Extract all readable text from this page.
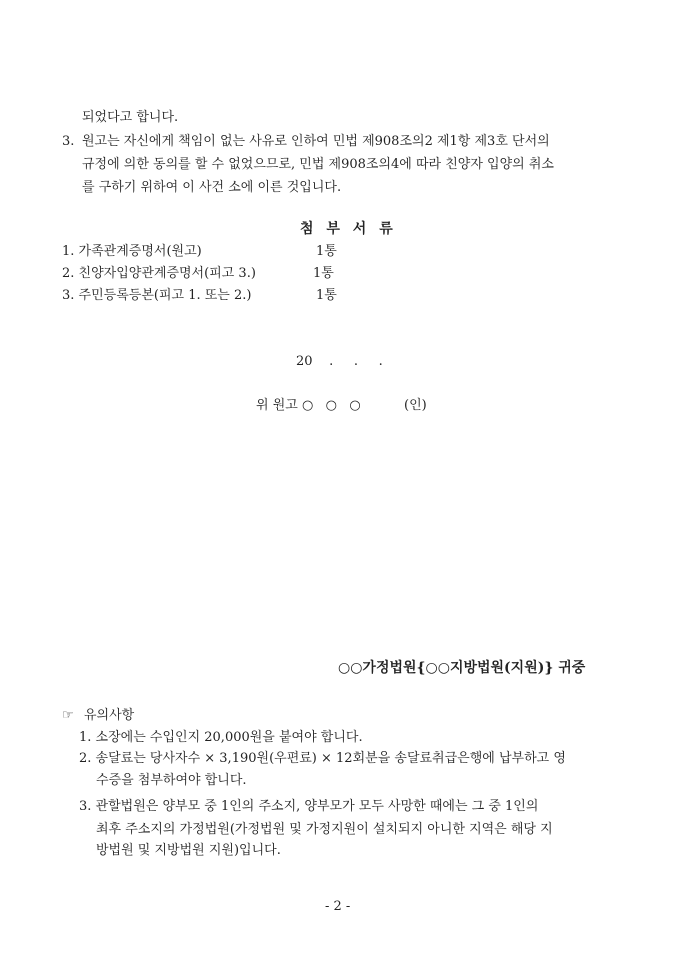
되었다고 합니다.
3. 원고는 자신에게 책임이 없는 사유로 인하여 민법 제908조의2 제1항 제3호 단서의
규정에 의한 동의를 할 수 없었으므로, 민법 제908조의4에 따라 친양자 입양의 취소
를 구하기 위하여 이 사건 소에 이른 것입니다.
첨 부 서 류
1. 가족관계증명서(원고)	1통
2. 친양자입양관계증명서(피고 3.)	1통
3. 주민등록등본(피고 1. 또는 2.)	1통
20    .     .     .
위 원고 ○   ○   ○	(인)
○○가정법원{○○지방법원(지원)} 귀중
☞ 유의사항
1. 소장에는 수입인지 20,000원을 붙여야 합니다.
2. 송달료는 당사자수 × 3,190원(우편료) × 12회분을 송달료취급은행에 납부하고 영
수증을 첨부하여야 합니다.
3. 관할법원은 양부모 중 1인의 주소지, 양부모가 모두 사망한 때에는 그 중 1인의
최후 주소지의 가정법원(가정법원 및 가정지원이 설치되지 아니한 지역은 해당 지
방법원 및 지방법원 지원)입니다.
- 2 -
